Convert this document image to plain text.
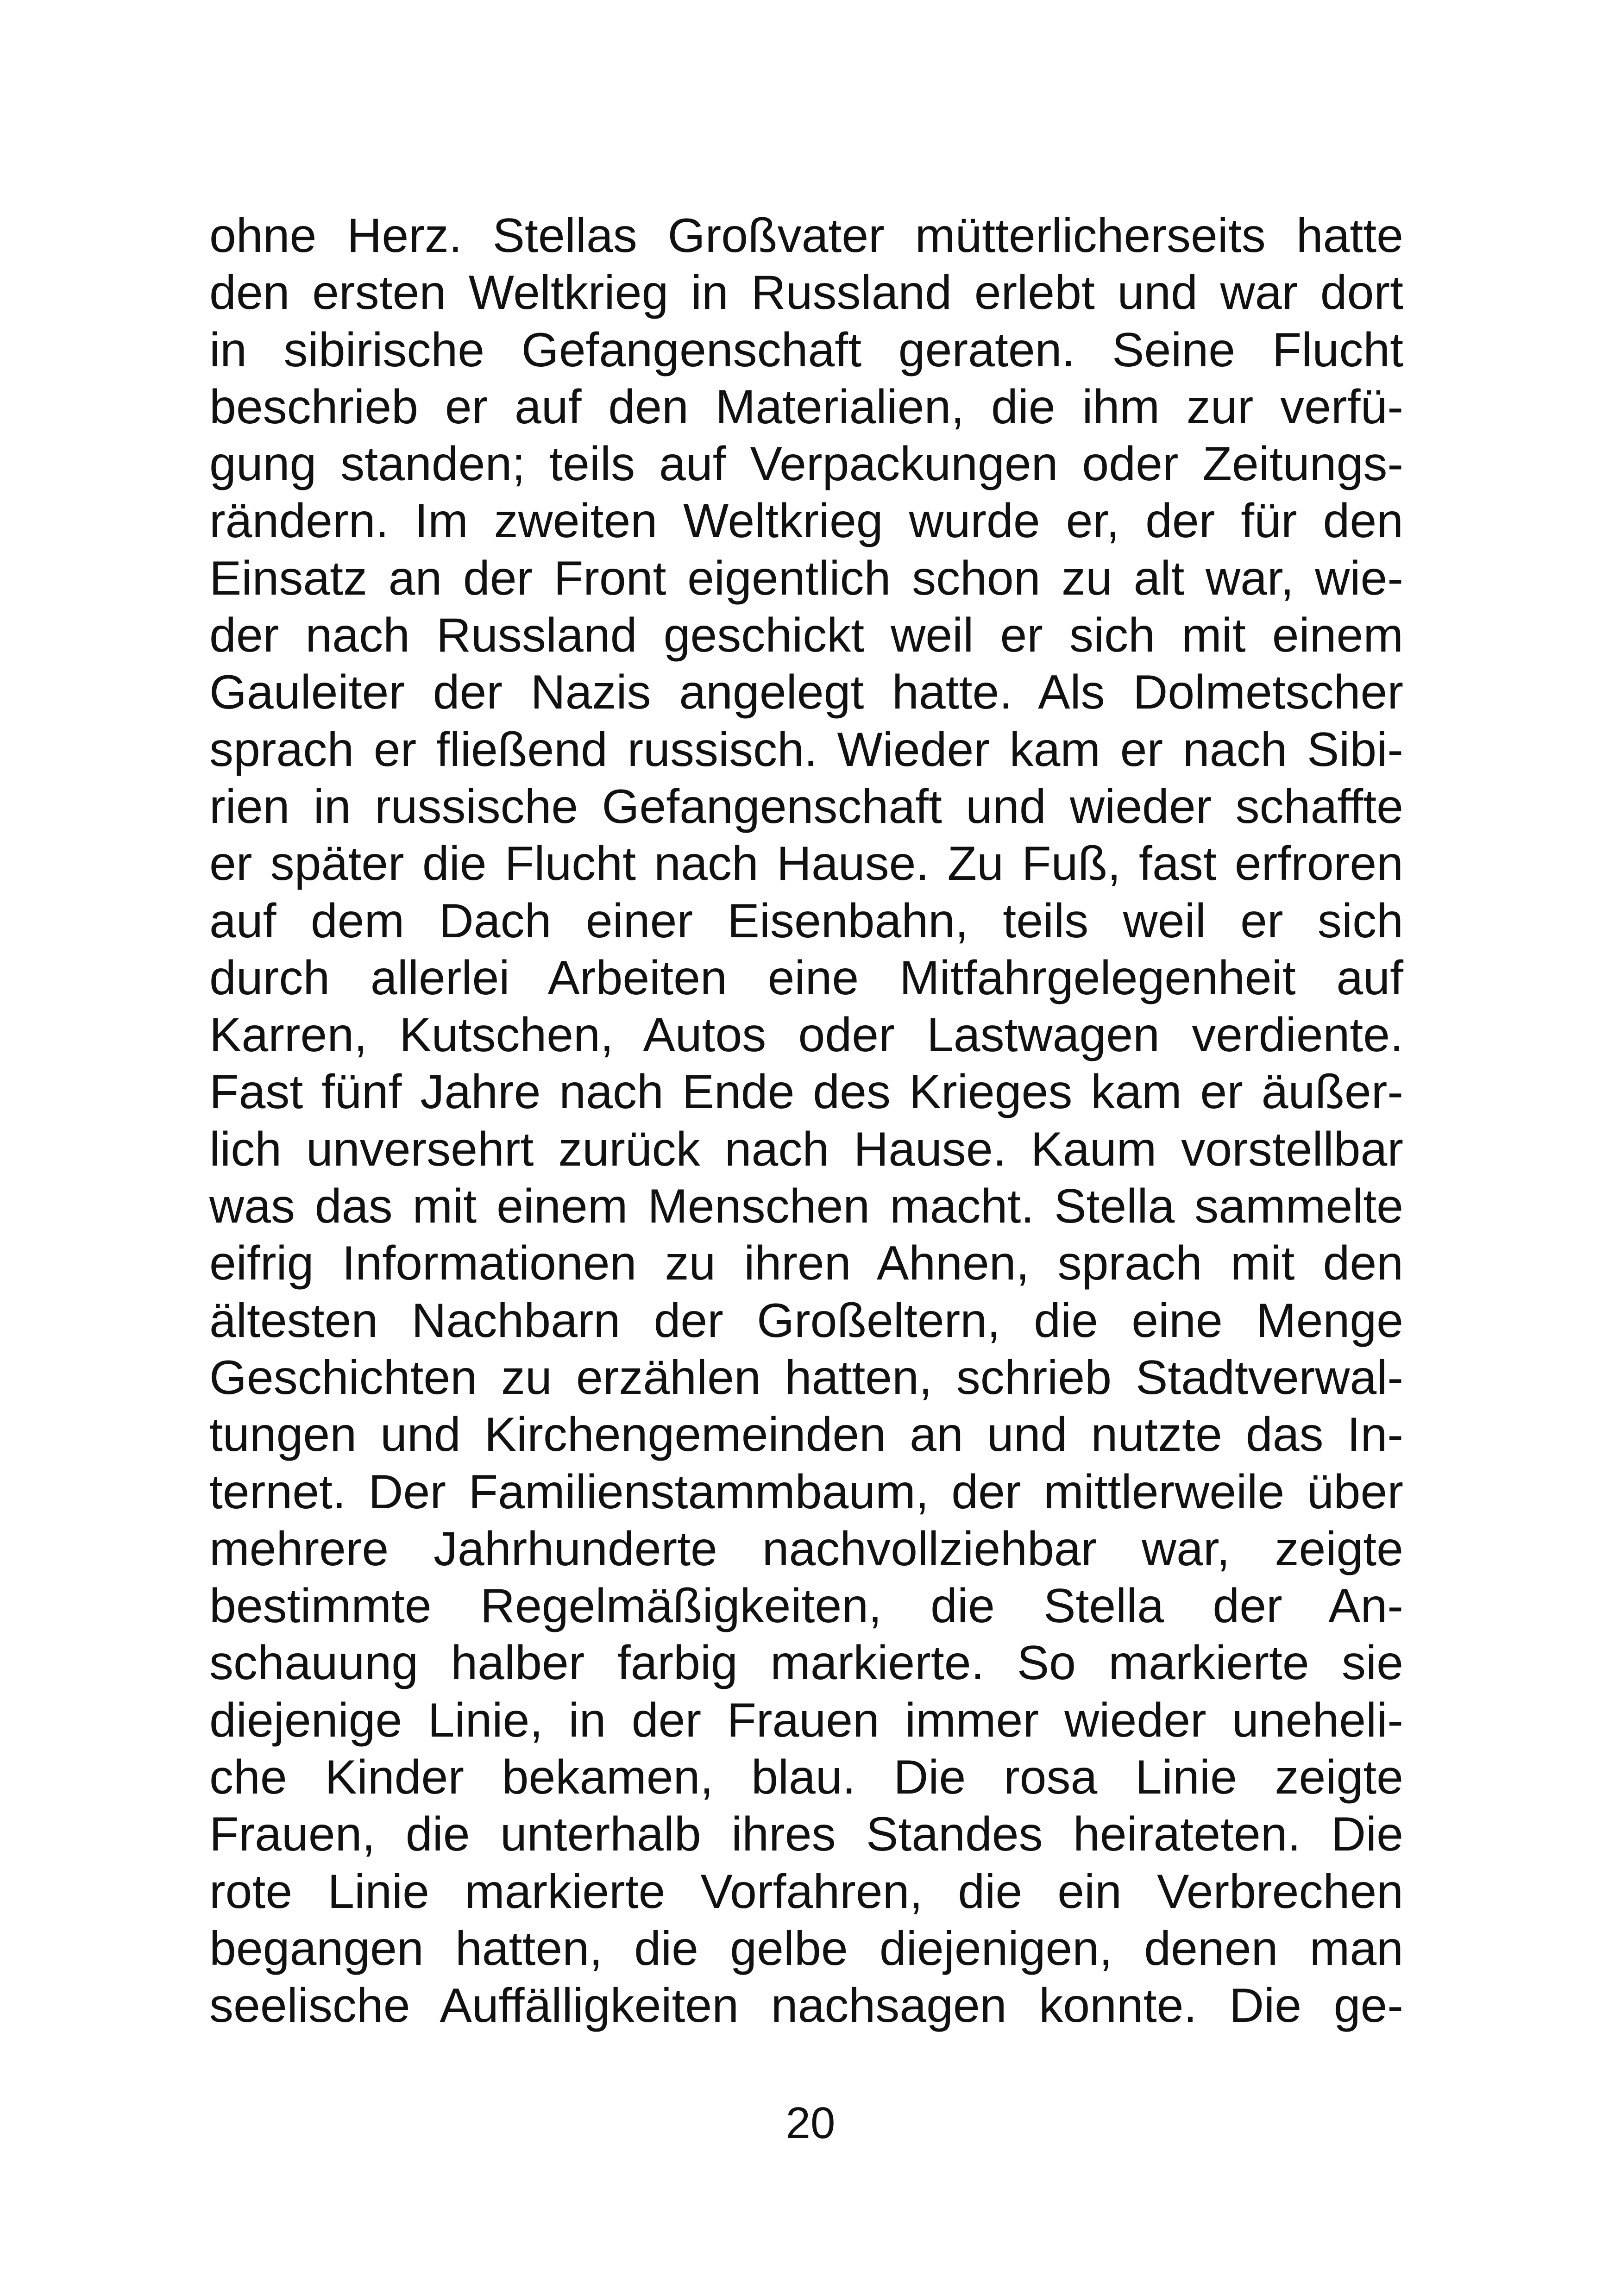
ohne Herz. Stellas Großvater mütterlicherseits hatte
den ersten Weltkrieg in Russland erlebt und war dort
in sibirische Gefangenschaft geraten. Seine Flucht
beschrieb er auf den Materialien, die ihm zur verfü-
gung standen; teils auf Verpackungen oder Zeitungs-
rändern. Im zweiten Weltkrieg wurde er, der für den
Einsatz an der Front eigentlich schon zu alt war, wie-
der nach Russland geschickt weil er sich mit einem
Gauleiter der Nazis angelegt hatte. Als Dolmetscher
sprach er fließend russisch. Wieder kam er nach Sibi-
rien in russische Gefangenschaft und wieder schaffte
er später die Flucht nach Hause. Zu Fuß, fast erfroren
auf dem Dach einer Eisenbahn, teils weil er sich
durch allerlei Arbeiten eine Mitfahrgelegenheit auf
Karren, Kutschen, Autos oder Lastwagen verdiente.
Fast fünf Jahre nach Ende des Krieges kam er äußer-
lich unversehrt zurück nach Hause. Kaum vorstellbar
was das mit einem Menschen macht. Stella sammelte
eifrig Informationen zu ihren Ahnen, sprach mit den
ältesten Nachbarn der Großeltern, die eine Menge
Geschichten zu erzählen hatten, schrieb Stadtverwal-
tungen und Kirchengemeinden an und nutzte das In-
ternet. Der Familienstammbaum, der mittlerweile über
mehrere Jahrhunderte nachvollziehbar war, zeigte
bestimmte Regelmäßigkeiten, die Stella der An-
schauung halber farbig markierte. So markierte sie
diejenige Linie, in der Frauen immer wieder uneheli-
che Kinder bekamen, blau. Die rosa Linie zeigte
Frauen, die unterhalb ihres Standes heirateten. Die
rote Linie markierte Vorfahren, die ein Verbrechen
begangen hatten, die gelbe diejenigen, denen man
seelische Auffälligkeiten nachsagen konnte. Die ge-
20
